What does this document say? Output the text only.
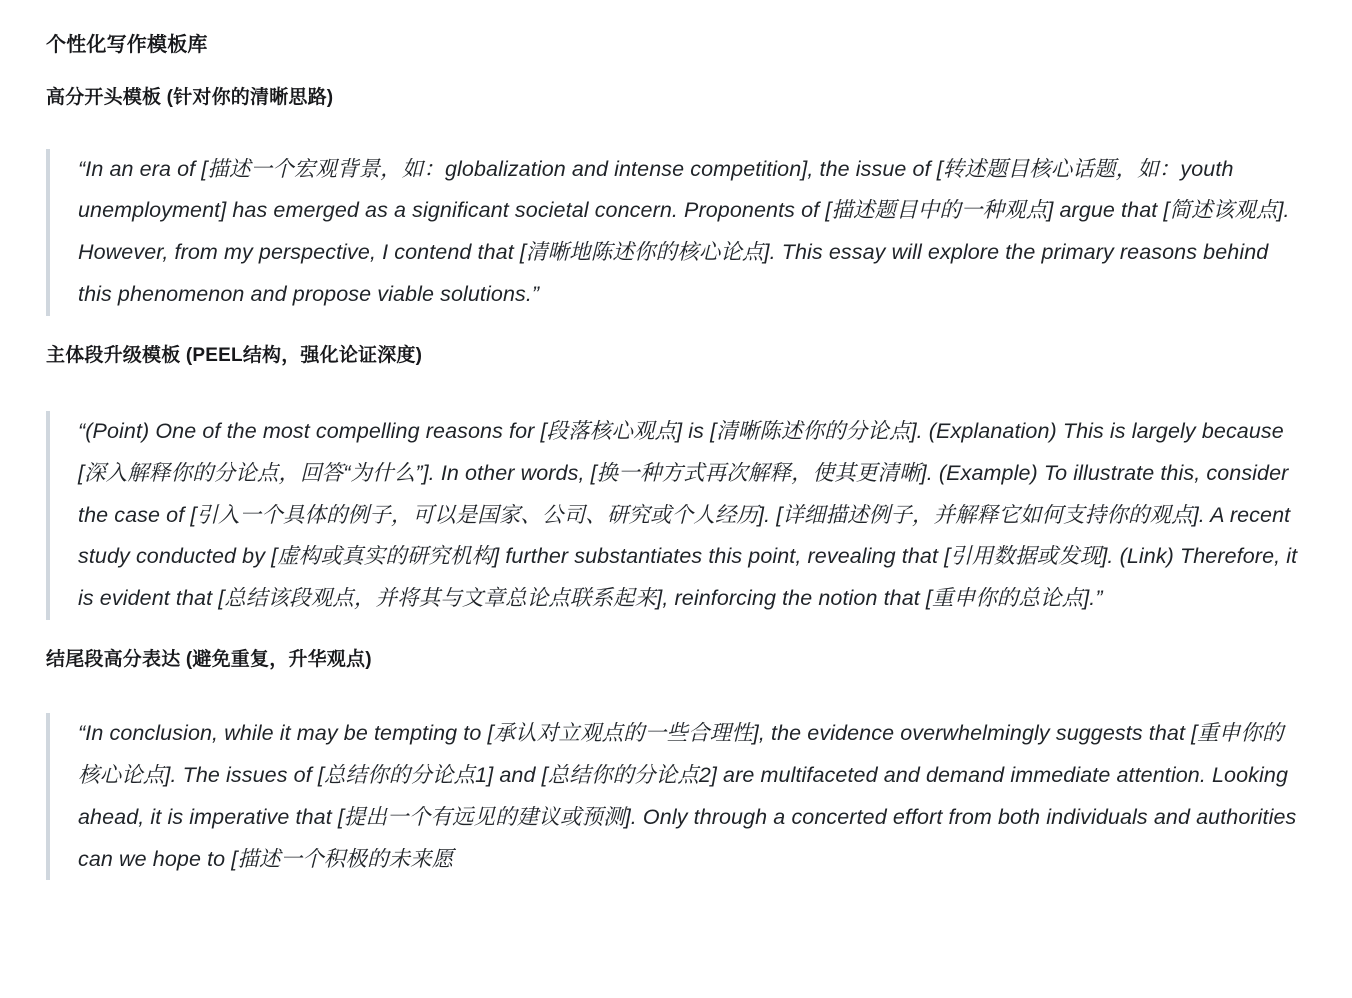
个性化写作模板库
高分开头模板 (针对你的清晰思路)

“In an era of [描述一个宏观背景，如：globalization and intense competition], the issue of [转述题目核心话题，如：youth unemployment] has emerged as a significant societal concern. Proponents of [描述题目中的一种观点] argue that [简述该观点]. However, from my perspective, I contend that [清晰地陈述你的核心论点]. This essay will explore the primary reasons behind this phenomenon and propose viable solutions.”

主体段升级模板 (PEEL结构，强化论证深度)

“(Point) One of the most compelling reasons for [段落核心观点] is [清晰陈述你的分论点]. (Explanation) This is largely because [深入解释你的分论点，回答“为什么”]. In other words, [换一种方式再次解释，使其更清晰]. (Example) To illustrate this, consider the case of [引入一个具体的例子，可以是国家、公司、研究或个人经历]. [详细描述例子，并解释它如何支持你的观点]. A recent study conducted by [虚构或真实的研究机构] further substantiates this point, revealing that [引用数据或发现]. (Link) Therefore, it is evident that [总结该段观点，并将其与文章总论点联系起来], reinforcing the notion that [重申你的总论点].”

结尾段高分表达 (避免重复，升华观点)

“In conclusion, while it may be tempting to [承认对立观点的一些合理性], the evidence overwhelmingly suggests that [重申你的核心论点]. The issues of [总结你的分论点1] and [总结你的分论点2] are multifaceted and demand immediate attention. Looking ahead, it is imperative that [提出一个有远见的建议或预测]. Only through a concerted effort from both individuals and authorities can we hope to [描述一个积极的未来愿
